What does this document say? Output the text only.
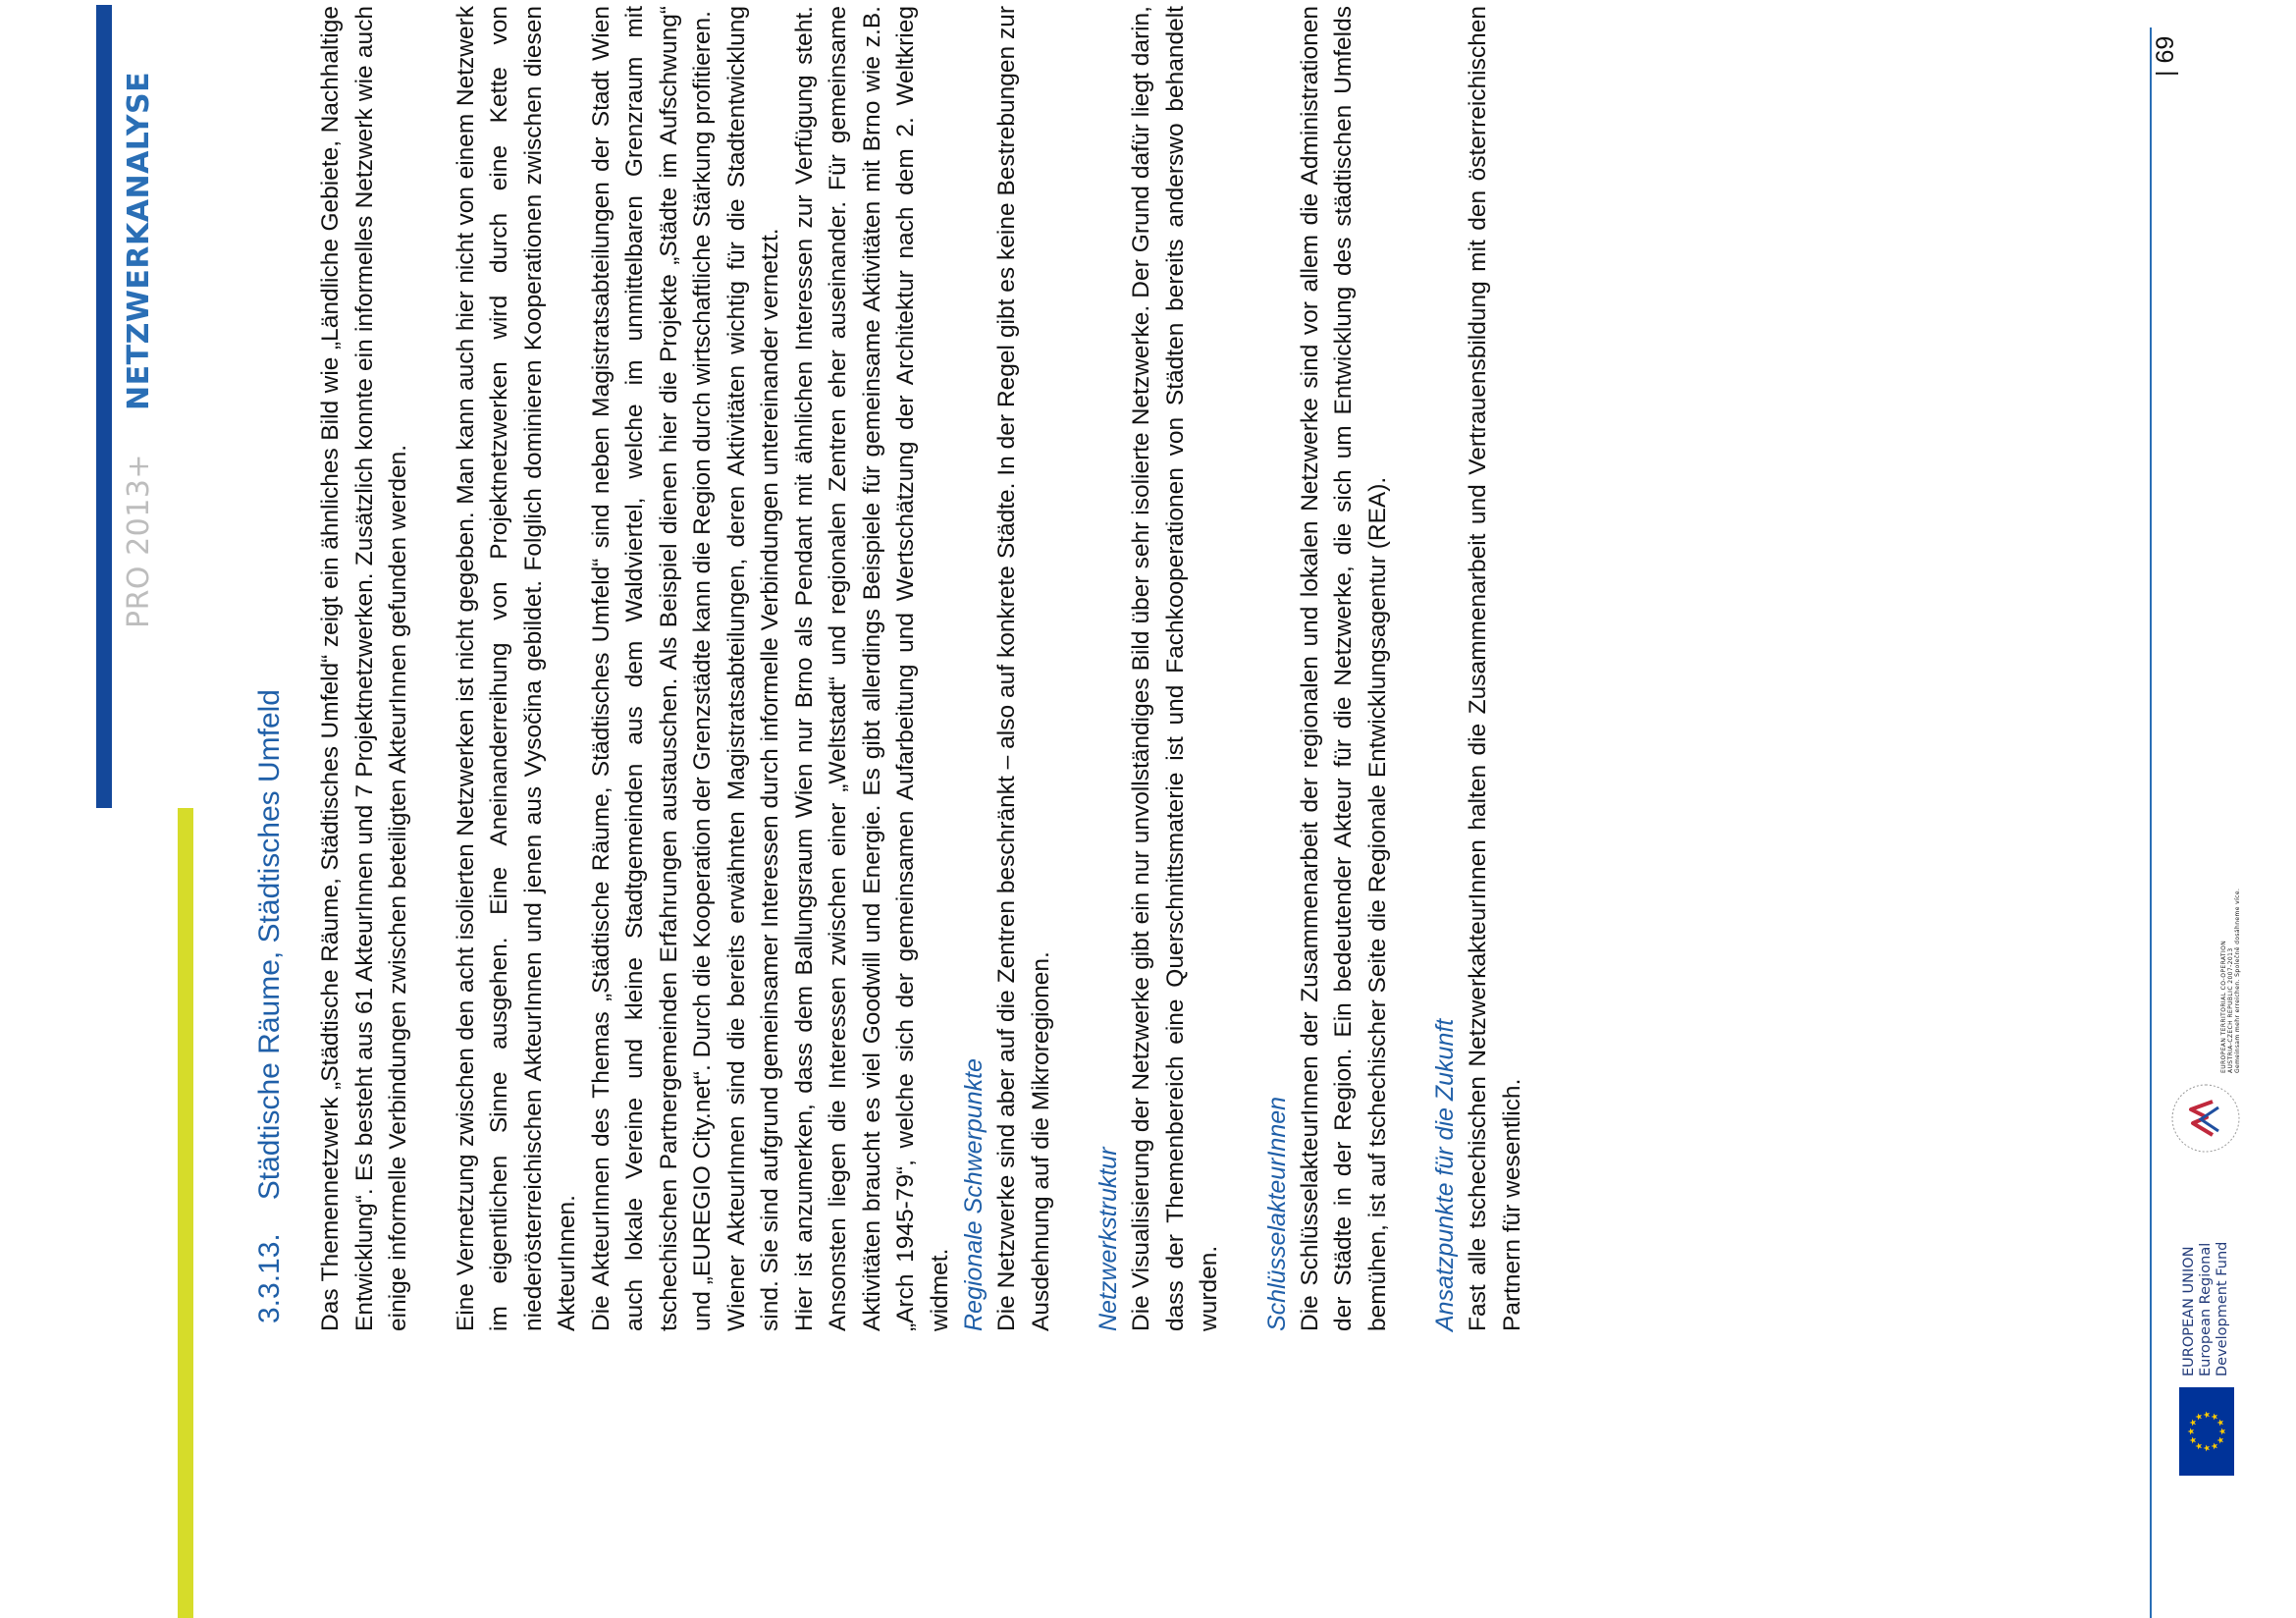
PRO 2013+
NETZWERKANALYSE
3.3.13.Städtische Räume, Städtisches Umfeld	Das Themennetzwerk „Städtische Räume, Städtisches Umfeld“ zeigt ein ähnliches Bild wie „Ländliche Gebiete, Nachhaltige Entwicklung“. Es besteht aus 61 AkteurInnen und 7 Projektnetzwerken. Zusätzlich konnte ein informelles Netzwerk wie auch einige informelle Verbindungen zwischen beteiligten AkteurInnen gefunden werden. Eine Vernetzung zwischen den acht isolierten Netzwerken ist nicht gegeben. Man kann auch hier nicht von einem Netzwerk im eigentlichen Sinne ausgehen. Eine Aneinanderreihung von Projektnetzwerken wird durch eine Kette von niederösterreichischen AkteurInnen und jenen aus Vysočina gebildet. Folglich dominieren Kooperationen zwischen diesen AkteurInnen. Die AkteurInnen des Themas „Städtische Räume, Städtisches Umfeld“ sind neben Magistratsabteilungen der Stadt Wien auch lokale Vereine und kleine Stadtgemeinden aus dem Waldviertel, welche im unmittelbaren Grenzraum mit tschechischen Partnergemeinden Erfahrungen austauschen. Als Beispiel dienen hier die Projekte „Städte im Aufschwung“ und „EUREGIO City.net“. Durch die Kooperation der Grenzstädte kann die Region durch wirtschaftliche Stärkung profitieren. Wiener AkteurInnen sind die bereits erwähnten Magistratsabteilungen, deren Aktivitäten wichtig für die Stadtentwicklung sind. Sie sind aufgrund gemeinsamer Interessen durch informelle Verbindungen untereinander vernetzt. Hier ist anzumerken, dass dem Ballungsraum Wien nur Brno als Pendant mit ähnlichen Interessen zur Verfügung steht. Ansonsten liegen die Interessen zwischen einer „Weltstadt“ und regionalen Zentren eher auseinander. Für gemeinsame Aktivitäten braucht es viel Goodwill und Energie. Es gibt allerdings Beispiele für gemeinsame Aktivitäten mit Brno wie z.B. „Arch 1945-79“, welche sich der gemeinsamen Aufarbeitung und Wertschätzung der Architektur nach dem 2. Weltkrieg widmet. Regionale Schwerpunkte Die Netzwerke sind aber auf die Zentren beschränkt – also auf konkrete Städte. In der Regel gibt es keine Bestrebungen zur Ausdehnung auf die Mikroregionen. Netzwerkstruktur Die Visualisierung der Netzwerke gibt ein nur unvollständiges Bild über sehr isolierte Netzwerke. Der Grund dafür liegt darin, dass der Themenbereich eine Querschnittsmaterie ist und Fachkooperationen von Städten bereits anderswo behandelt wurden. SchlüsselakteurInnen Die SchlüsselakteurInnen der Zusammenarbeit der regionalen und lokalen Netzwerke sind vor allem die Administrationen der Städte in der Region. Ein bedeutender Akteur für die Netzwerke, die sich um Entwicklung des städtischen Umfelds bemühen, ist auf tschechischer Seite die Regionale Entwicklungsagentur (REA). Ansatzpunkte für die Zukunft Fast alle tschechischen NetzwerkakteurInnen halten die Zusammenarbeit und Vertrauensbildung mit den österreichischen Partnern für wesentlich.

| 69
★
★
★
★
★
★
★
★
★
★
★
★
EUROPEAN UNION European Regional Development Fund
EUROPEAN TERRITORIAL CO-OPERATION AUSTRIA-CZECH REPUBLIC 2007-2013 Gemeinsam mehr erreichen. Společně dosáhneme více.
